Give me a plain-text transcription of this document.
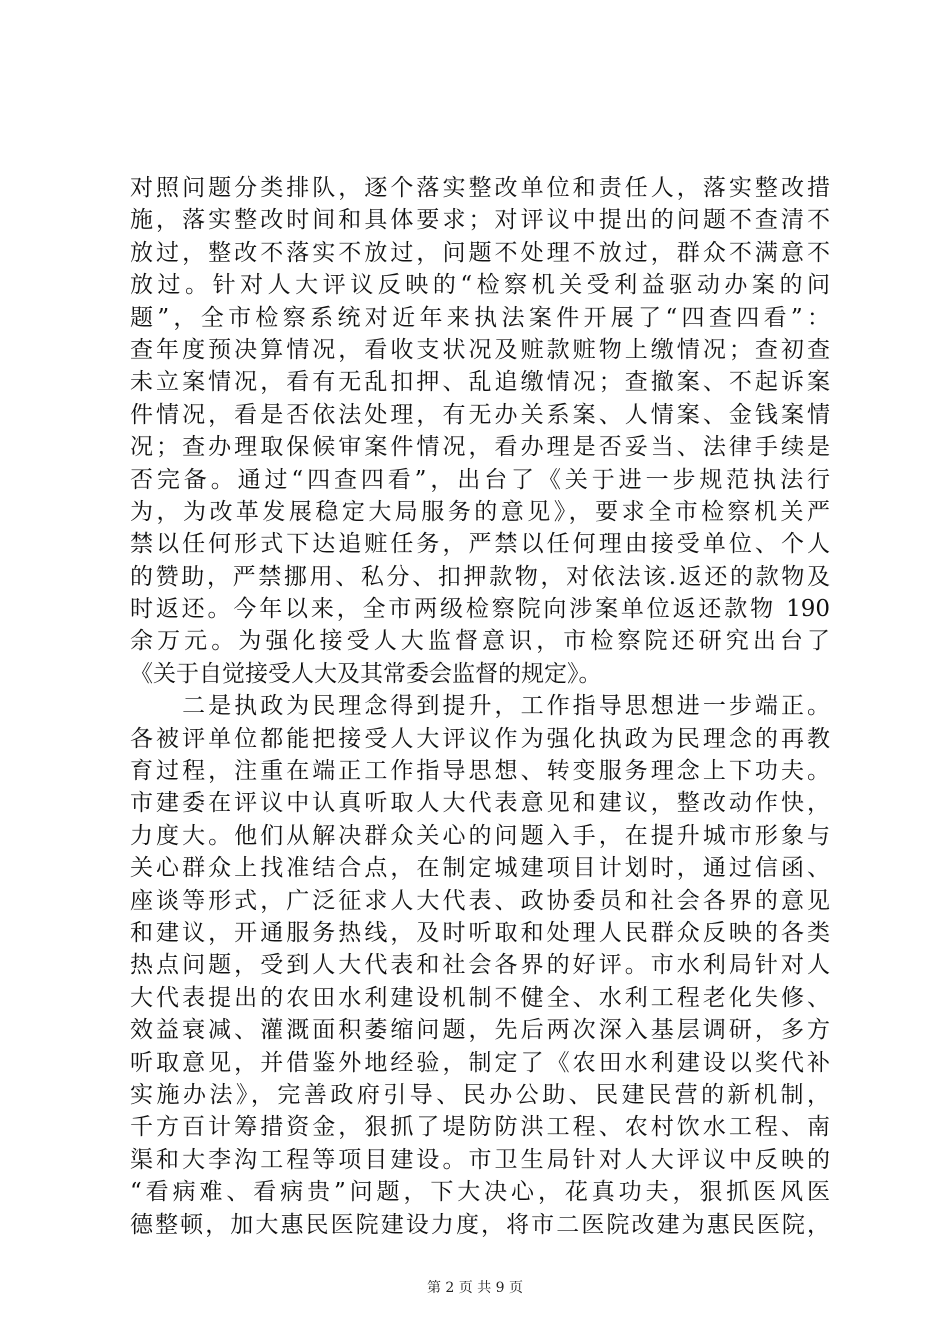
对照问题分类排队，逐个落实整改单位和责任人，落实整改措
施，落实整改时间和具体要求；对评议中提出的问题不查清不
放过，整改不落实不放过，问题不处理不放过，群众不满意不
放过。针对人大评议反映的“检察机关受利益驱动办案的问
题”，全市检察系统对近年来执法案件开展了“四查四看”：
查年度预决算情况，看收支状况及赃款赃物上缴情况；查初查
未立案情况，看有无乱扣押、乱追缴情况；查撤案、不起诉案
件情况，看是否依法处理，有无办关系案、人情案、金钱案情
况；查办理取保候审案件情况，看办理是否妥当、法律手续是
否完备。通过“四查四看”，出台了《关于进一步规范执法行
为，为改革发展稳定大局服务的意见》，要求全市检察机关严
禁以任何形式下达追赃任务，严禁以任何理由接受单位、个人
的赞助，严禁挪用、私分、扣押款物，对依法该.返还的款物及
时返还。今年以来，全市两级检察院向涉案单位返还款物 190
余万元。为强化接受人大监督意识，市检察院还研究出台了
《关于自觉接受人大及其常委会监督的规定》。
　　二是执政为民理念得到提升，工作指导思想进一步端正。
各被评单位都能把接受人大评议作为强化执政为民理念的再教
育过程，注重在端正工作指导思想、转变服务理念上下功夫。
市建委在评议中认真听取人大代表意见和建议，整改动作快，
力度大。他们从解决群众关心的问题入手，在提升城市形象与
关心群众上找准结合点，在制定城建项目计划时，通过信函、
座谈等形式，广泛征求人大代表、政协委员和社会各界的意见
和建议，开通服务热线，及时听取和处理人民群众反映的各类
热点问题，受到人大代表和社会各界的好评。市水利局针对人
大代表提出的农田水利建设机制不健全、水利工程老化失修、
效益衰减、灌溉面积萎缩问题，先后两次深入基层调研，多方
听取意见，并借鉴外地经验，制定了《农田水利建设以奖代补
实施办法》，完善政府引导、民办公助、民建民营的新机制，
千方百计筹措资金，狠抓了堤防防洪工程、农村饮水工程、南
渠和大李沟工程等项目建设。市卫生局针对人大评议中反映的
“看病难、看病贵”问题，下大决心，花真功夫，狠抓医风医
德整顿，加大惠民医院建设力度，将市二医院改建为惠民医院，
第 2 页 共 9 页
